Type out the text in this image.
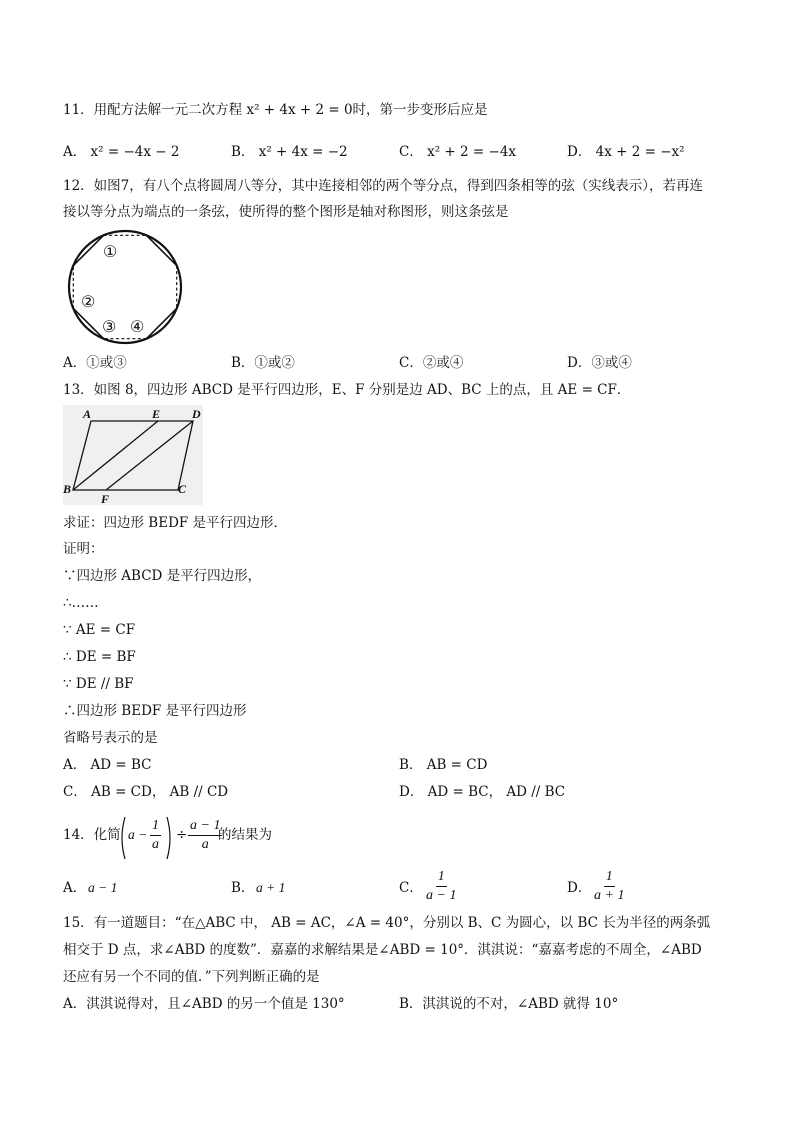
11．用配方法解一元二次方程 x² + 4x + 2 = 0时，第一步变形后应是
A． x² = −4x − 2	B． x² + 4x = −2	C． x² + 2 = −4x	D． 4x + 2 = −x²
12．如图7，有八个点将圆周八等分，其中连接相邻的两个等分点，得到四条相等的弦（实线表示），若再连
接以等分点为端点的一条弦，使所得的整个图形是轴对称图形，则这条弦是
①
②
③ ④
A．①或③	B．①或②	C．②或④	D．③或④
13．如图 8，四边形 ABCD 是平行四边形，E、F 分别是边 AD、BC 上的点，且 AE = CF．
A	E	D
B
F
C
求证：四边形 BEDF 是平行四边形．
证明：
∵四边形 ABCD 是平行四边形，
∴……
∵ AE = CF
∴ DE = BF
∵ DE // BF
∴四边形 BEDF 是平行四边形
省略号表示的是
A． AD = BC	B． AB = CD
C． AB = CD， AB // CD	D． AD = BC， AD // BC
14．化简 $a - \frac{1}{a} \div \frac{a - 1}{a}$
的结果为
A． a − 1	B． a + 1	C． $\frac{1}{a - 1}$	D． $\frac{1}{a + 1}$
15．有一道题目：“在△ABC 中， AB = AC，∠A = 40°，分别以 B、C 为圆心，以 BC 长为半径的两条弧
相交于 D 点，求∠ABD 的度数”．嘉嘉的求解结果是∠ABD = 10°．淇淇说：“嘉嘉考虑的不周全，∠ABD
还应有另一个不同的值．”下列判断正确的是
A．淇淇说得对，且∠ABD 的另一个值是 130°	B．淇淇说的不对，∠ABD 就得 10°
